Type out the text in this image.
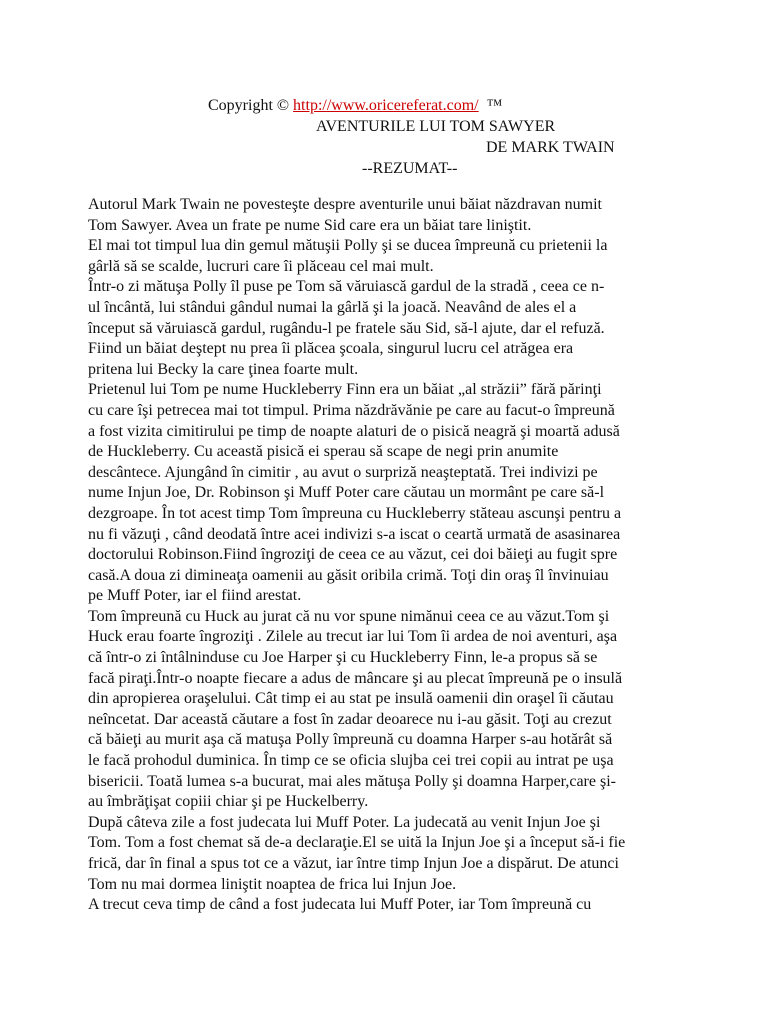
Copyright © http://www.oricereferat.com/  ™
AVENTURILE LUI TOM SAWYER
DE MARK TWAIN
--REZUMAT--

Autorul Mark Twain ne povesteşte despre aventurile unui băiat năzdravan numit
Tom Sawyer. Avea un frate pe nume Sid care era un băiat tare liniştit.
El mai tot timpul lua din gemul mătuşii Polly şi se ducea împreună cu prietenii la
gârlă să se scalde, lucruri care îi plăceau cel mai mult.

Într-o zi mătuşa Polly îl puse pe Tom să văruiască gardul de la stradă , ceea ce n-
ul încântă, lui stândui gândul numai la gârlă şi la joacă. Neavând de ales el a
început să văruiască gardul, rugându-l pe fratele său Sid, să-l ajute, dar el refuză.
Fiind un băiat deştept nu prea îi plăcea şcoala, singurul lucru cel atrăgea era
pritena lui Becky la care ţinea foarte mult.

Prietenul lui Tom pe nume Huckleberry Finn era un băiat „al străzii” fără părinţi
cu care îşi petrecea mai tot timpul. Prima năzdrăvănie pe care au facut-o împreună
a fost vizita cimitirului pe timp de noapte alaturi de o pisică neagră şi moartă adusă
de Huckleberry. Cu această pisică ei sperau să scape de negi prin anumite
descântece. Ajungând în cimitir , au avut o surpriză neaşteptată. Trei indivizi pe
nume Injun Joe, Dr. Robinson şi Muff Poter care căutau un mormânt pe care să-l
dezgroape. În tot acest timp Tom împreuna cu Huckleberry stăteau ascunşi pentru a
nu fi văzuţi , când deodată între acei indivizi s-a iscat o ceartă urmată de asasinarea
doctorului Robinson.Fiind îngroziţi de ceea ce au văzut, cei doi băieţi au fugit spre
casă.A doua zi dimineaţa oamenii au găsit oribila crimă. Toţi din oraş îl învinuiau
pe Muff Poter, iar el fiind arestat.

Tom împreună cu Huck au jurat că nu vor spune nimănui ceea ce au văzut.Tom şi
Huck erau foarte îngroziţi . Zilele au trecut iar lui Tom îi ardea de noi aventuri, aşa
că într-o zi întâlninduse cu Joe Harper şi cu Huckleberry Finn, le-a propus să se
facă piraţi.Într-o noapte fiecare a adus de mâncare şi au plecat împreună pe o insulă
din apropierea oraşelului. Cât timp ei au stat pe insulă oamenii din oraşel îi căutau
neîncetat. Dar această căutare a fost în zadar deoarece nu i-au găsit. Toţi au crezut
că băieţi au murit aşa că matuşa Polly împreună cu doamna Harper s-au hotărât să
le facă prohodul duminica. În timp ce se oficia slujba cei trei copii au intrat pe uşa
bisericii. Toată lumea s-a bucurat, mai ales mătuşa Polly şi doamna Harper,care şi-
au îmbrăţişat copiii chiar şi pe Huckelberry.

După câteva zile a fost judecata lui Muff Poter. La judecată au venit Injun Joe şi
Tom. Tom a fost chemat să de-a declaraţie.El se uită la Injun Joe şi a început să-i fie
frică, dar în final a spus tot ce a văzut, iar între timp Injun Joe a dispărut. De atunci
Tom nu mai dormea liniştit noaptea de frica lui Injun Joe.

A trecut ceva timp de când a fost judecata lui Muff Poter, iar Tom împreună cu
